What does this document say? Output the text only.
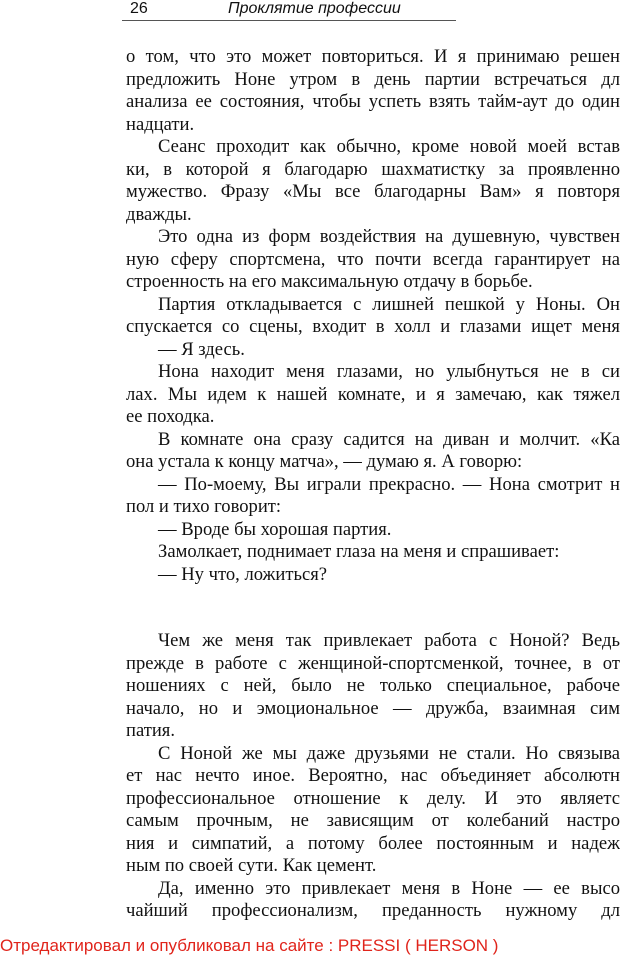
26	Проклятие профессии
о том, что это может повториться. И я принимаю решен
предложить Ноне утром в день партии встречаться дл
анализа ее состояния, чтобы успеть взять тайм-аут до один
надцати.
Сеанс проходит как обычно, кроме новой моей встав
ки, в которой я благодарю шахматистку за проявленно
мужество. Фразу «Мы все благодарны Вам» я повторя
дважды.
Это одна из форм воздействия на душевную, чувствен
ную сферу спортсмена, что почти всегда гарантирует на
строенность на его максимальную отдачу в борьбе.
Партия откладывается с лишней пешкой у Ноны. Он
спускается со сцены, входит в холл и глазами ищет меня
— Я здесь.
Нона находит меня глазами, но улыбнуться не в си
лах. Мы идем к нашей комнате, и я замечаю, как тяжел
ее походка.
В комнате она сразу садится на диван и молчит. «Ка
она устала к концу матча», — думаю я. А говорю:
— По-моему, Вы играли прекрасно. — Нона смотрит н
пол и тихо говорит:
— Вроде бы хорошая партия.
Замолкает, поднимает глаза на меня и спрашивает:
— Ну что, ложиться?
Чем же меня так привлекает работа с Ноной? Ведь
прежде в работе с женщиной-спортсменкой, точнее, в от
ношениях с ней, было не только специальное, рабоче
начало, но и эмоциональное — дружба, взаимная сим
патия.
С Ноной же мы даже друзьями не стали. Но связыва
ет нас нечто иное. Вероятно, нас объединяет абсолютн
профессиональное отношение к делу. И это являетс
самым прочным, не зависящим от колебаний настро
ния и симпатий, а потому более постоянным и надеж
ным по своей сути. Как цемент.
Да, именно это привлекает меня в Ноне — ее высо
чайший профессионализм, преданность нужному дл
Отредактировал и опубликовал на сайте : PRESSI ( HERSON )
